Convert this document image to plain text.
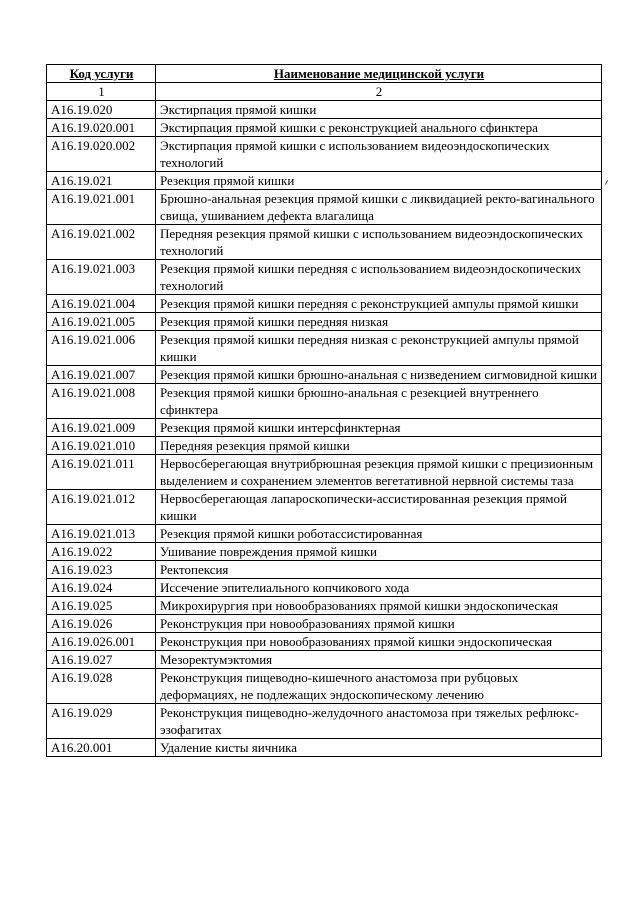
Код услуги	Наименование медицинской услуги
1	2
A16.19.020	Экстирпация прямой кишки
A16.19.020.001	Экстирпация прямой кишки с реконструкцией анального сфинктера
A16.19.020.002	Экстирпация прямой кишки с использованием видеоэндоскопических технологий
A16.19.021	Резекция прямой кишки
A16.19.021.001	Брюшно-анальная резекция прямой кишки с ликвидацией ректо-вагинального свища, ушиванием дефекта влагалища
A16.19.021.002	Передняя резекция прямой кишки с использованием видеоэндоскопических технологий
A16.19.021.003	Резекция прямой кишки передняя с использованием видеоэндоскопических технологий
A16.19.021.004	Резекция прямой кишки передняя с реконструкцией ампулы прямой кишки
A16.19.021.005	Резекция прямой кишки передняя низкая
A16.19.021.006	Резекция прямой кишки передняя низкая с реконструкцией ампулы прямой кишки
A16.19.021.007	Резекция прямой кишки брюшно-анальная с низведением сигмовидной кишки
A16.19.021.008	Резекция прямой кишки брюшно-анальная с резекцией внутреннего сфинктера
A16.19.021.009	Резекция прямой кишки интерсфинктерная
A16.19.021.010	Передняя резекция прямой кишки
A16.19.021.011	Нервосберегающая внутрибрюшная резекция прямой кишки с прецизионным выделением и сохранением элементов вегетативной нервной системы таза
A16.19.021.012	Нервосберегающая лапароскопически-ассистированная резекция прямой кишки
A16.19.021.013	Резекция прямой кишки роботассистированная
A16.19.022	Ушивание повреждения прямой кишки
A16.19.023	Ректопексия
A16.19.024	Иссечение эпителиального копчикового хода
A16.19.025	Микрохирургия при новообразованиях прямой кишки эндоскопическая
A16.19.026	Реконструкция при новообразованиях прямой кишки
A16.19.026.001	Реконструкция при новообразованиях прямой кишки эндоскопическая
A16.19.027	Мезоректумэктомия
A16.19.028	Реконструкция пищеводно-кишечного анастомоза при рубцовых деформациях, не подлежащих эндоскопическому лечению
A16.19.029	Реконструкция пищеводно-желудочного анастомоза при тяжелых рефлюкс-эзофагитах
A16.20.001	Удаление кисты яичника
